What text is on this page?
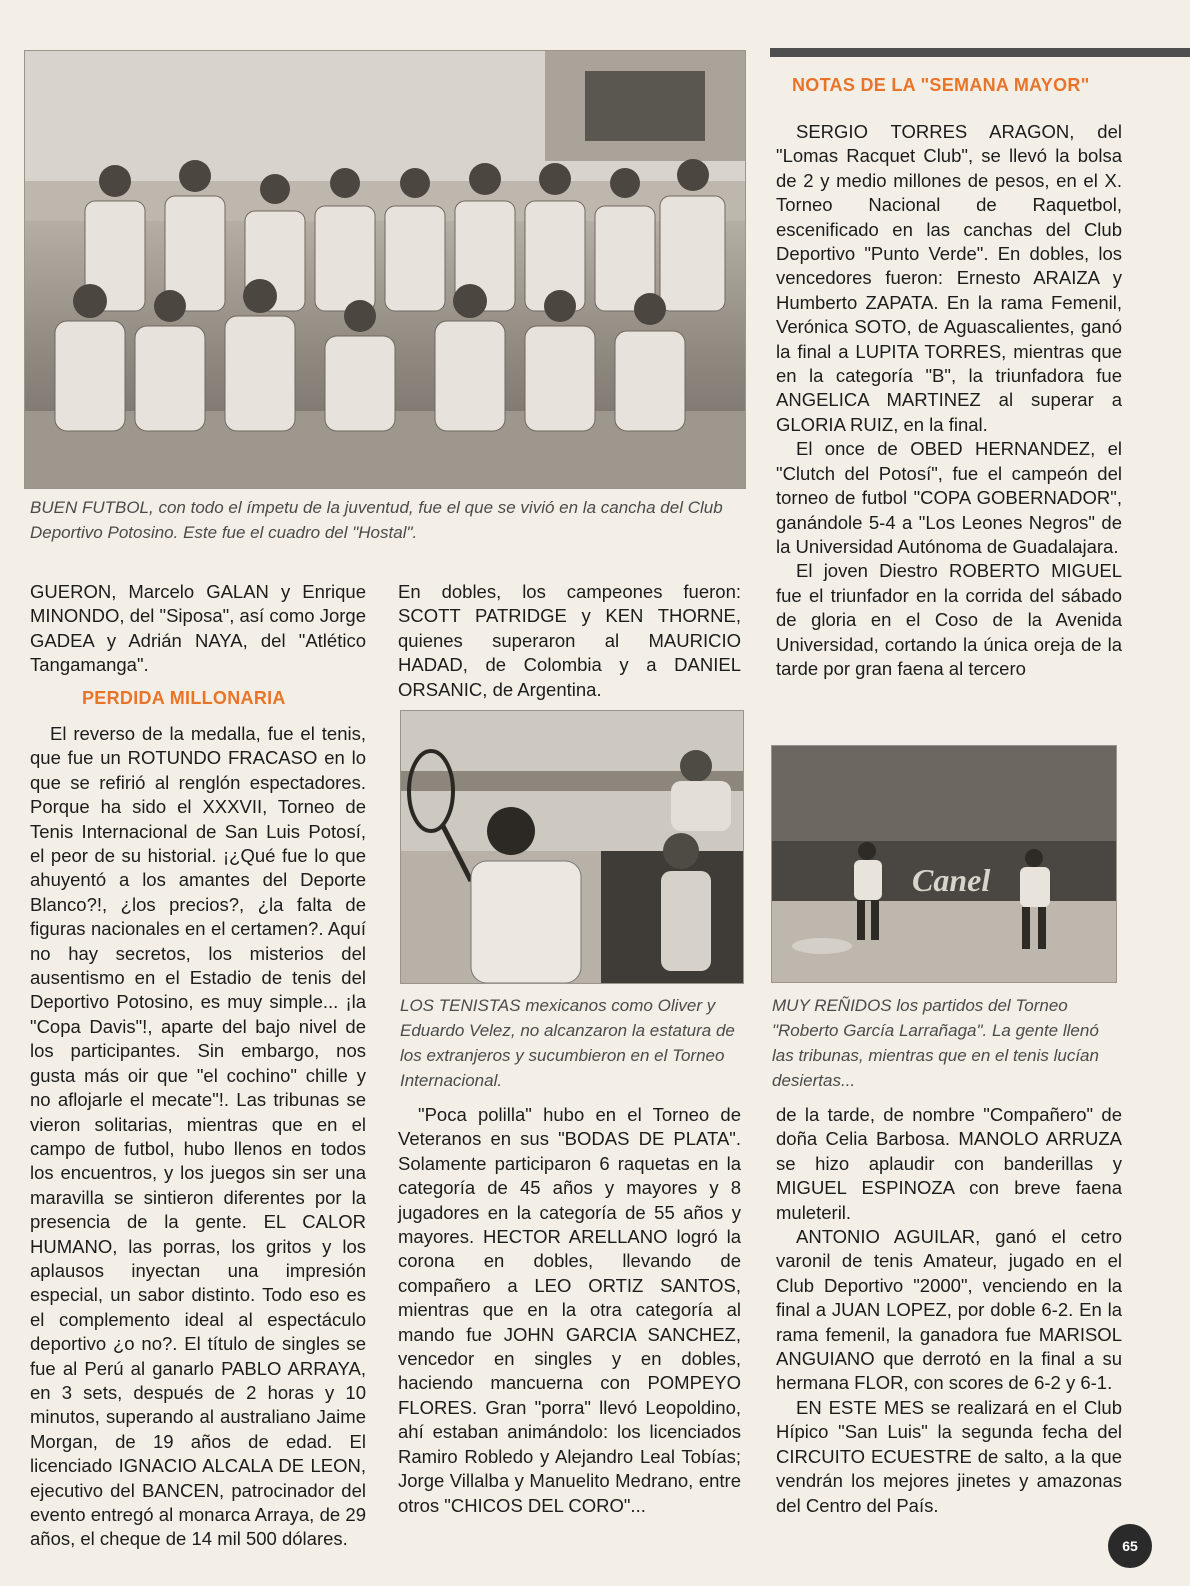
BUEN FUTBOL, con todo el ímpetu de la juventud, fue el que se vivió en la cancha del Club Deportivo Potosino. Este fue el cuadro del "Hostal".

GUERON, Marcelo GALAN y Enrique MINONDO, del "Siposa", así como Jorge GADEA y Adrián NAYA, del "Atlético Tangamanga".

PERDIDA MILLONARIA

El reverso de la medalla, fue el tenis, que fue un ROTUNDO FRACASO en lo que se refirió al renglón espectadores. Porque ha sido el XXXVII, Torneo de Tenis Internacional de San Luis Potosí, el peor de su historial. ¡¿Qué fue lo que ahuyentó a los amantes del Deporte Blanco?!, ¿los precios?, ¿la falta de figuras nacionales en el certamen?. Aquí no hay secretos, los misterios del ausentismo en el Estadio de tenis del Deportivo Potosino, es muy simple... ¡la "Copa Davis"!, aparte del bajo nivel de los participantes. Sin embargo, nos gusta más oir que "el cochino" chille y no aflojarle el mecate"!. Las tribunas se vieron solitarias, mientras que en el campo de futbol, hubo llenos en todos los encuentros, y los juegos sin ser una maravilla se sintieron diferentes por la presencia de la gente. EL CALOR HUMANO, las porras, los gritos y los aplausos inyectan una impresión especial, un sabor distinto. Todo eso es el complemento ideal al espectáculo deportivo ¿o no?. El título de singles se fue al Perú al ganarlo PABLO ARRAYA, en 3 sets, después de 2 horas y 10 minutos, superando al australiano Jaime Morgan, de 19 años de edad. El licenciado IGNACIO ALCALA DE LEON, ejecutivo del BANCEN, patrocinador del evento entregó al monarca Arraya, de 29 años, el cheque de 14 mil 500 dólares.

En dobles, los campeones fueron: SCOTT PATRIDGE y KEN THORNE, quienes superaron al MAURICIO HADAD, de Colombia y a DANIEL ORSANIC, de Argentina.

LOS TENISTAS mexicanos como Oliver y Eduardo Velez, no alcanzaron la estatura de los extranjeros y sucumbieron en el Torneo Internacional.

"Poca polilla" hubo en el Torneo de Veteranos en sus "BODAS DE PLATA". Solamente participaron 6 raquetas en la categoría de 45 años y mayores y 8 jugadores en la categoría de 55 años y mayores. HECTOR ARELLANO logró la corona en dobles, llevando de compañero a LEO ORTIZ SANTOS, mientras que en la otra categoría al mando fue JOHN GARCIA SANCHEZ, vencedor en singles y en dobles, haciendo mancuerna con POMPEYO FLORES. Gran "porra" llevó Leopoldino, ahí estaban animándolo: los licenciados Ramiro Robledo y Alejandro Leal Tobías; Jorge Villalba y Manuelito Medrano, entre otros "CHICOS DEL CORO"...

NOTAS DE LA "SEMANA MAYOR"

SERGIO TORRES ARAGON, del "Lomas Racquet Club", se llevó la bolsa de 2 y medio millones de pesos, en el X. Torneo Nacional de Raquetbol, escenificado en las canchas del Club Deportivo "Punto Verde". En dobles, los vencedores fueron: Ernesto ARAIZA y Humberto ZAPATA. En la rama Femenil, Verónica SOTO, de Aguascalientes, ganó la final a LUPITA TORRES, mientras que en la categoría "B", la triunfadora fue ANGELICA MARTINEZ al superar a GLORIA RUIZ, en la final.

El once de OBED HERNANDEZ, el "Clutch del Potosí", fue el campeón del torneo de futbol "COPA GOBERNADOR", ganándole 5-4 a "Los Leones Negros" de la Universidad Autónoma de Guadalajara.

El joven Diestro ROBERTO MIGUEL fue el triunfador en la corrida del sábado de gloria en el Coso de la Avenida Universidad, cortando la única oreja de la tarde por gran faena al tercero

Canel

MUY REÑIDOS los partidos del Torneo "Roberto García Larrañaga". La gente llenó las tribunas, mientras que en el tenis lucían desiertas...

de la tarde, de nombre "Compañero" de doña Celia Barbosa. MANOLO ARRUZA se hizo aplaudir con banderillas y MIGUEL ESPINOZA con breve faena muleteril.

ANTONIO AGUILAR, ganó el cetro varonil de tenis Amateur, jugado en el Club Deportivo "2000", venciendo en la final a JUAN LOPEZ, por doble 6-2. En la rama femenil, la ganadora fue MARISOL ANGUIANO que derrotó en la final a su hermana FLOR, con scores de 6-2 y 6-1.

EN ESTE MES se realizará en el Club Hípico "San Luis" la segunda fecha del CIRCUITO ECUESTRE de salto, a la que vendrán los mejores jinetes y amazonas del Centro del País.

65
